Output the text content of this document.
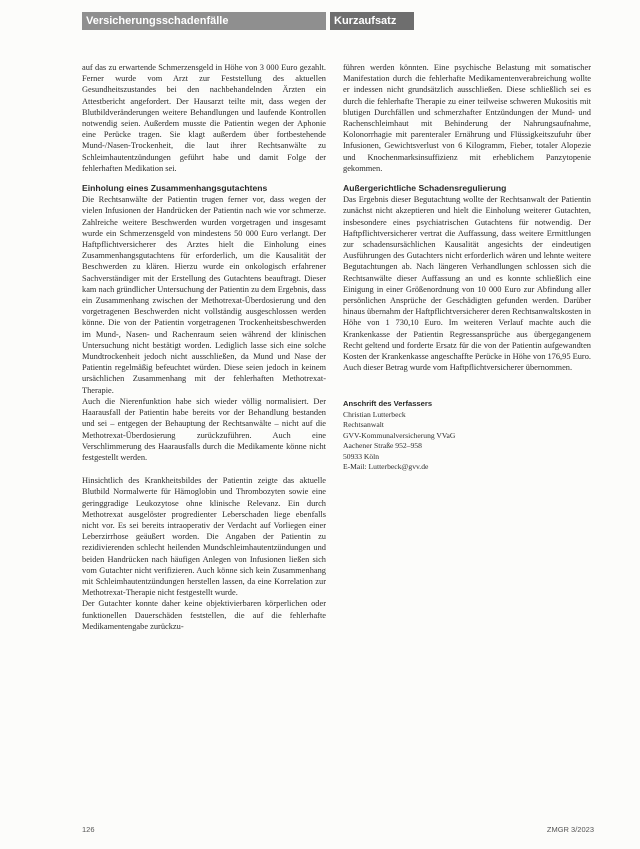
Versicherungsschadenfälle	Kurzaufsatz

auf das zu erwartende Schmerzensgeld in Höhe von 3 000 Euro gezahlt. Ferner wurde vom Arzt zur Feststellung des aktuellen Gesundheitszustandes bei den nachbehandelnden Ärzten ein Attestbericht angefordert. Der Hausarzt teilte mit, dass wegen der Blutbildveränderungen weitere Behandlungen und laufende Kontrollen notwendig seien. Außerdem musste die Patientin wegen der Aphonie eine Perücke tragen. Sie klagt außerdem über fortbestehende Mund-/Nasen-Trockenheit, die laut ihrer Rechtsanwälte zu Schleimhautentzündungen geführt habe und damit Folge der fehlerhaften Medikation sei.

Einholung eines Zusammenhangsgutachtens

Die Rechtsanwälte der Patientin trugen ferner vor, dass wegen der vielen Infusionen der Handrücken der Patientin nach wie vor schmerze. Zahlreiche weitere Beschwerden wurden vorgetragen und insgesamt wurde ein Schmerzensgeld von mindestens 50 000 Euro verlangt. Der Haftpflichtversicherer des Arztes hielt die Einholung eines Zusammenhangsgutachtens für erforderlich, um die Kausalität der Beschwerden zu klären. Hierzu wurde ein onkologisch erfahrener Sachverständiger mit der Erstellung des Gutachtens beauftragt. Dieser kam nach gründlicher Untersuchung der Patientin zu dem Ergebnis, dass ein Zusammenhang zwischen der Methotrexat-Überdosierung und den vorgetragenen Beschwerden nicht vollständig ausgeschlossen werden könne. Die von der Patientin vorgetragenen Trockenheitsbeschwerden im Mund-, Nasen- und Rachenraum seien während der klinischen Untersuchung nicht bestätigt worden. Lediglich lasse sich eine solche Mundtrockenheit jedoch nicht ausschließen, da Mund und Nase der Patientin regelmäßig befeuchtet würden. Diese seien jedoch in keinem ursächlichen Zusammenhang mit der fehlerhaften Methotrexat-Therapie.

Auch die Nierenfunktion habe sich wieder völlig normalisiert. Der Haarausfall der Patientin habe bereits vor der Behandlung bestanden und sei – entgegen der Behauptung der Rechtsanwälte – nicht auf die Methotrexat-Überdosierung zurückzuführen. Auch eine Verschlimmerung des Haarausfalls durch die Medikamente könne nicht festgestellt werden.

Hinsichtlich des Krankheitsbildes der Patientin zeigte das aktuelle Blutbild Normalwerte für Hämoglobin und Thrombozyten sowie eine geringgradige Leukozytose ohne klinische Relevanz. Ein durch Methotrexat ausgelöster progredienter Leberschaden liege ebenfalls nicht vor. Es sei bereits intraoperativ der Verdacht auf Vorliegen einer Leberzirrhose geäußert worden. Die Angaben der Patientin zu rezidivierenden schlecht heilenden Mundschleimhautentzündungen und beiden Handrücken nach häufigen Anlegen von Infusionen ließen sich vom Gutachter nicht verifizieren. Auch könne sich kein Zusammenhang mit Schleimhautentzündungen herstellen lassen, da eine Korrelation zur Methotrexat-Therapie nicht festgestellt wurde.

Der Gutachter konnte daher keine objektivierbaren körperlichen oder funktionellen Dauerschäden feststellen, die auf die fehlerhafte Medikamentengabe zurückzu-

führen werden könnten. Eine psychische Belastung mit somatischer Manifestation durch die fehlerhafte Medikamentenverabreichung wollte er indessen nicht grundsätzlich ausschließen. Diese schließlich sei es durch die fehlerhafte Therapie zu einer teilweise schweren Mukositis mit blutigen Durchfällen und schmerzhafter Entzündungen der Mund- und Rachenschleimhaut mit Behinderung der Nahrungsaufnahme, Kolonorrhagie mit parenteraler Ernährung und Flüssigkeitszufuhr über Infusionen, Gewichtsverlust von 6 Kilogramm, Fieber, totaler Alopezie und Knochenmarksinsuffizienz mit erheblichem Panzytopenie gekommen.

Außergerichtliche Schadensregulierung

Das Ergebnis dieser Begutachtung wollte der Rechtsanwalt der Patientin zunächst nicht akzeptieren und hielt die Einholung weiterer Gutachten, insbesondere eines psychiatrischen Gutachtens für notwendig. Der Haftpflichtversicherer vertrat die Auffassung, dass weitere Ermittlungen zur schadensursächlichen Kausalität angesichts der eindeutigen Ausführungen des Gutachters nicht erforderlich wären und lehnte weitere Begutachtungen ab. Nach längeren Verhandlungen schlossen sich die Rechtsanwälte dieser Auffassung an und es konnte schließlich eine Einigung in einer Größenordnung von 10 000 Euro zur Abfindung aller persönlichen Ansprüche der Geschädigten gefunden werden. Darüber hinaus übernahm der Haftpflichtversicherer deren Rechtsanwaltskosten in Höhe von 1 730,10 Euro. Im weiteren Verlauf machte auch die Krankenkasse der Patientin Regressansprüche aus übergegangenem Recht geltend und forderte Ersatz für die von der Patientin aufgewandten Kosten der Krankenkasse angeschaffte Perücke in Höhe von 176,95 Euro. Auch dieser Betrag wurde vom Haftpflichtversicherer übernommen.

Anschrift des Verfassers
Christian Lutterbeck
Rechtsanwalt
GVV-Kommunalversicherung VVaG
Aachener Straße 952–958
50933 Köln
E-Mail: Lutterbeck@gvv.de
126	ZMGR 3/2023
